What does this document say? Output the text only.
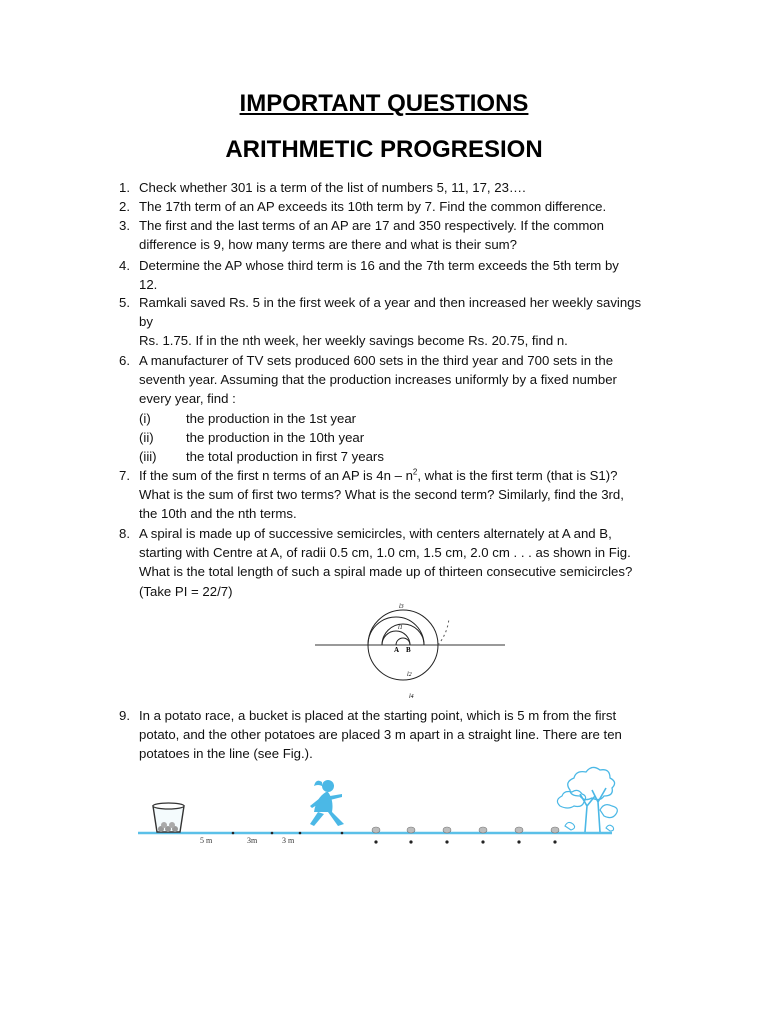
IMPORTANT QUESTIONS
ARITHMETIC PROGRESION
1. Check whether 301 is a term of the list of numbers 5, 11, 17, 23….
2. The 17th term of an AP exceeds its 10th term by 7. Find the common difference.
3. The first and the last terms of an AP are 17 and 350 respectively. If the common
difference is 9, how many terms are there and what is their sum?
4. Determine the AP whose third term is 16 and the 7th term exceeds the 5th term by
12.
5. Ramkali saved Rs. 5 in the first week of a year and then increased her weekly savings
by
Rs. 1.75. If in the nth week, her weekly savings become Rs. 20.75, find n.
6. A manufacturer of TV sets produced 600 sets in the third year and 700 sets in the
seventh year. Assuming that the production increases uniformly by a fixed number
every year, find :
(i)	the production in the 1st year
(ii) the production in the 10th year
(iii) the total production in first 7 years
7. If the sum of the first n terms of an AP is $4n - n^2$, what is the first term (that is S1)?
What is the sum of first two terms? What is the second term? Similarly, find the 3rd,
the 10th and the nth terms.
8. A spiral is made up of successive semicircles, with centers alternately at A and B,
starting with Centre at A, of radii 0.5 cm, 1.0 cm, 1.5 cm, 2.0 cm . . . as shown in Fig.
What is the total length of such a spiral made up of thirteen consecutive semicircles?
(Take PI = 22/7)
A B
l1
l2
l3
l4
9. In a potato race, a bucket is placed at the starting point, which is 5 m from the first
potato, and the other potatoes are placed 3 m apart in a straight line. There are ten
potatoes in the line (see Fig.).
5 m	3m	3 m
